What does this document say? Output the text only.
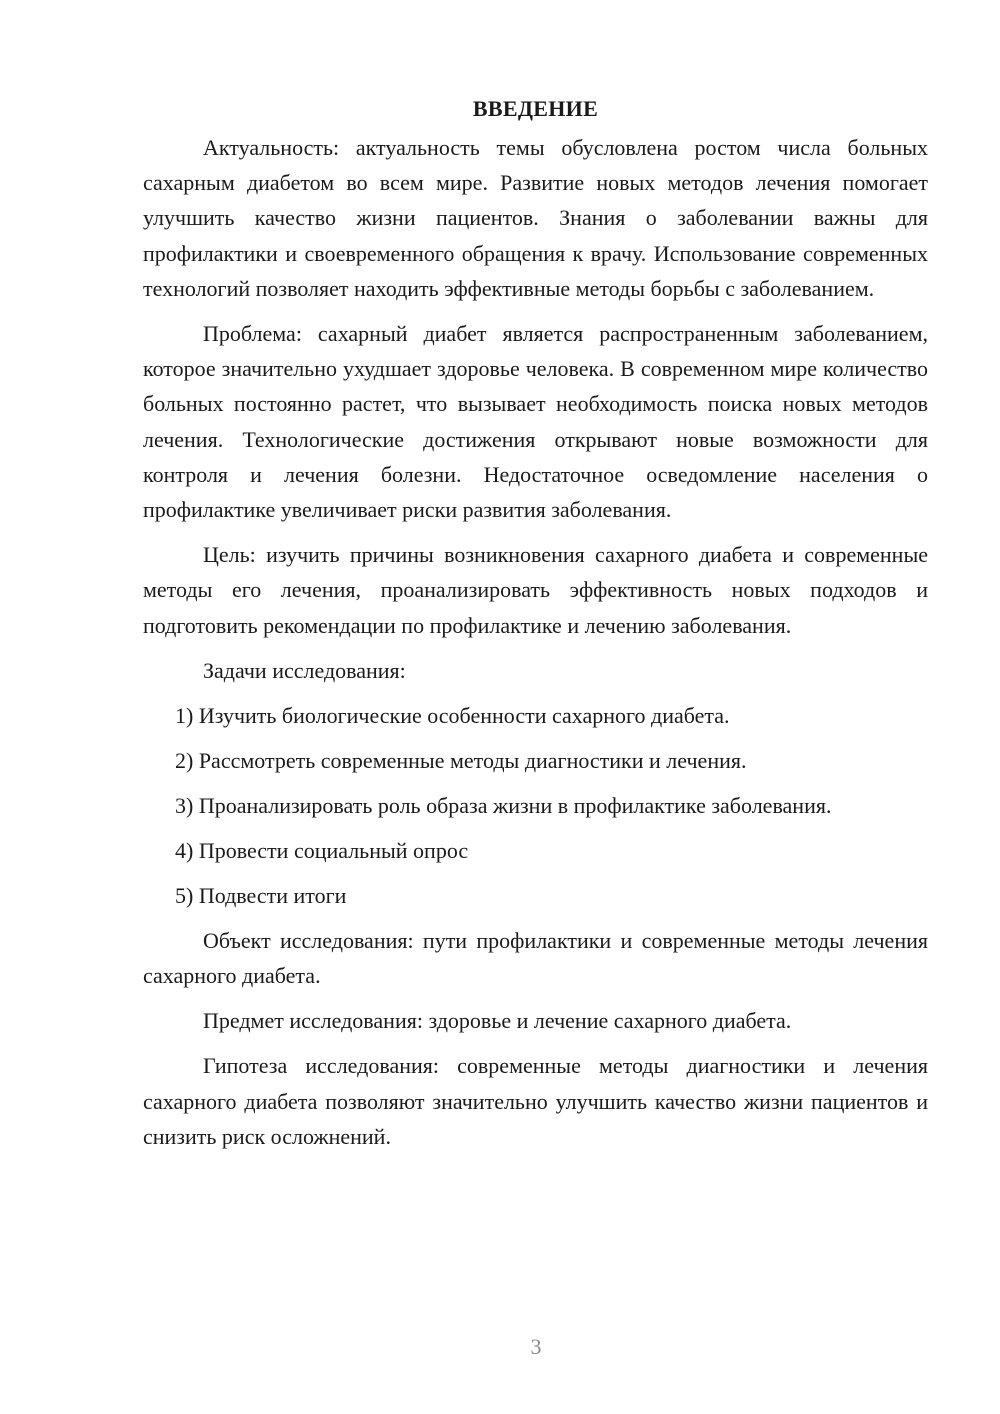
ВВЕДЕНИЕ

Актуальность: актуальность темы обусловлена ростом числа больных сахарным диабетом во всем мире. Развитие новых методов лечения помогает улучшить качество жизни пациентов. Знания о заболевании важны для профилактики и своевременного обращения к врачу. Использование современных технологий позволяет находить эффективные методы борьбы с заболеванием.

Проблема: сахарный диабет является распространенным заболеванием, которое значительно ухудшает здоровье человека. В современном мире количество больных постоянно растет, что вызывает необходимость поиска новых методов лечения. Технологические достижения открывают новые возможности для контроля и лечения болезни. Недостаточное осведомление населения о профилактике увеличивает риски развития заболевания.

Цель: изучить причины возникновения сахарного диабета и современные методы его лечения, проанализировать эффективность новых подходов и подготовить рекомендации по профилактике и лечению заболевания.

Задачи исследования:
1) Изучить биологические особенности сахарного диабета.
2) Рассмотреть современные методы диагностики и лечения.
3) Проанализировать роль образа жизни в профилактике заболевания.
4) Провести социальный опрос
5) Подвести итоги

Объект исследования: пути профилактики и современные методы лечения сахарного диабета.

Предмет исследования: здоровье и лечение сахарного диабета.

Гипотеза исследования: современные методы диагностики и лечения сахарного диабета позволяют значительно улучшить качество жизни пациентов и снизить риск осложнений.

3
